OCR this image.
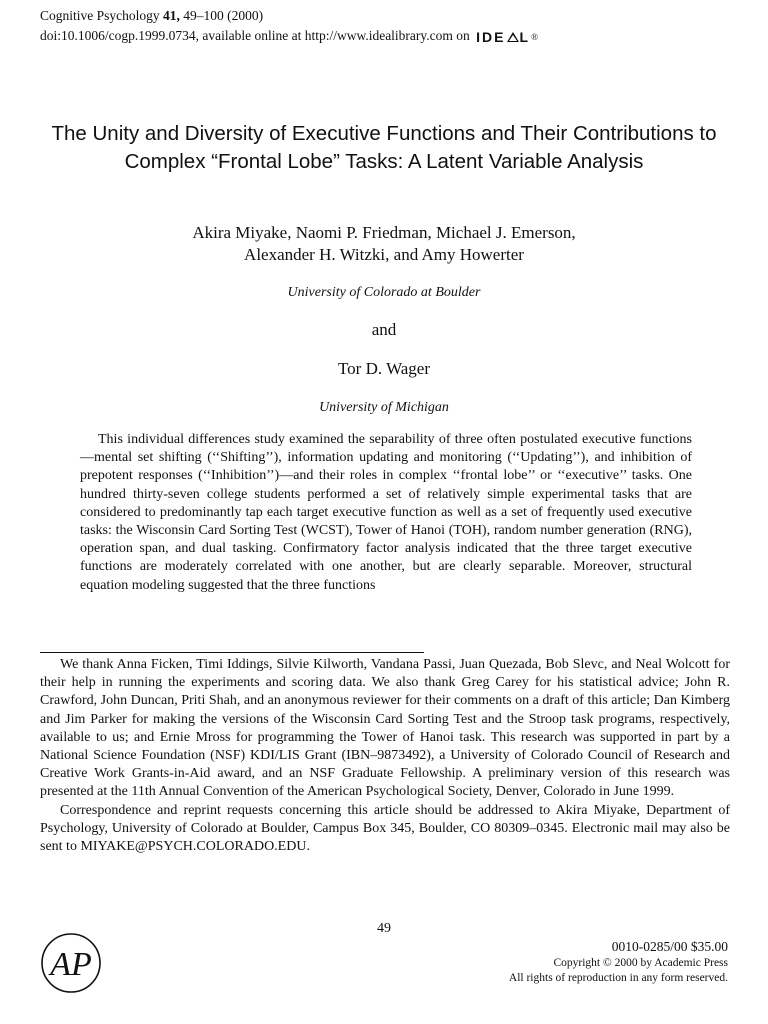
Cognitive Psychology 41, 49–100 (2000)
doi:10.1006/cogp.1999.0734, available online at http://www.idealibrary.com on IDE L ®
The Unity and Diversity of Executive Functions and Their Contributions to Complex “Frontal Lobe” Tasks: A Latent Variable Analysis
Akira Miyake, Naomi P. Friedman, Michael J. Emerson,
Alexander H. Witzki, and Amy Howerter
University of Colorado at Boulder
and
Tor D. Wager
University of Michigan

This individual differences study examined the separability of three often postulated executive functions—mental set shifting (‘‘Shifting’’), information updating and monitoring (‘‘Updating’’), and inhibition of prepotent responses (‘‘Inhibition’’)—and their roles in complex ‘‘frontal lobe’’ or ‘‘executive’’ tasks. One hundred thirty-seven college students performed a set of relatively simple experimental tasks that are considered to predominantly tap each target executive function as well as a set of frequently used executive tasks: the Wisconsin Card Sorting Test (WCST), Tower of Hanoi (TOH), random number generation (RNG), operation span, and dual tasking. Confirmatory factor analysis indicated that the three target executive functions are moderately correlated with one another, but are clearly separable. Moreover, structural equation modeling suggested that the three functions

We thank Anna Ficken, Timi Iddings, Silvie Kilworth, Vandana Passi, Juan Quezada, Bob Slevc, and Neal Wolcott for their help in running the experiments and scoring data. We also thank Greg Carey for his statistical advice; John R. Crawford, John Duncan, Priti Shah, and an anonymous reviewer for their comments on a draft of this article; Dan Kimberg and Jim Parker for making the versions of the Wisconsin Card Sorting Test and the Stroop task programs, respectively, available to us; and Ernie Mross for programming the Tower of Hanoi task. This research was supported in part by a National Science Foundation (NSF) KDI/LIS Grant (IBN–9873492), a University of Colorado Council of Research and Creative Work Grants-in-Aid award, and an NSF Graduate Fellowship. A preliminary version of this research was presented at the 11th Annual Convention of the American Psychological Society, Denver, Colorado in June 1999.

Correspondence and reprint requests concerning this article should be addressed to Akira Miyake, Department of Psychology, University of Colorado at Boulder, Campus Box 345, Boulder, CO 80309–0345. Electronic mail may also be sent to MIYAKE@PSYCH.COLORADO.EDU.

49
AP	0010-0285/00 $35.00
Copyright © 2000 by Academic Press
All rights of reproduction in any form reserved.
